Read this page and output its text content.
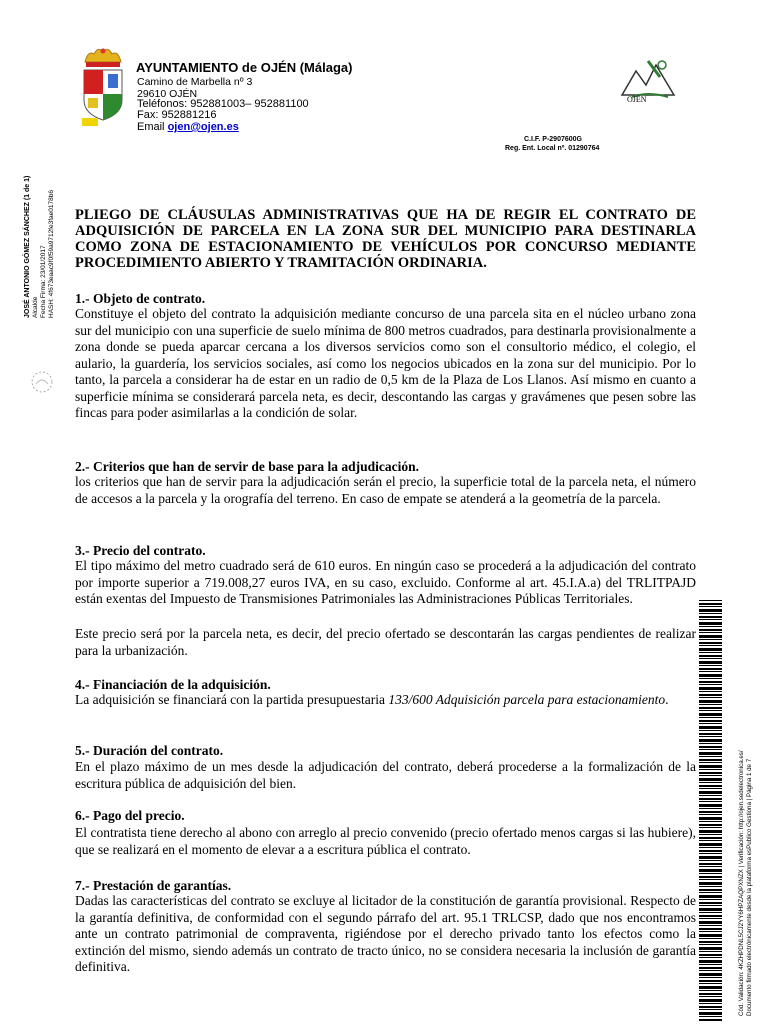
AYUNTAMIENTO de OJÉN (Málaga)
Camino de Marbella nº 3
29610 OJÉN
Teléfonos: 952881003– 952881100
Fax: 952881216
Email ojen@ojen.es
OJÉN
C.I.F. P-2907600G
Reg. Ent. Local nº. 01290764
JOSÉ ANTONIO GÓMEZ SÁNCHEZ (1 de 1) Alcalde Fecha Firma: 23/01/2017 HASH: 4f673eaac9f0f59a9712fe3fae0178b6 PLIEGO DE CLÁUSULAS ADMINISTRATIVAS QUE HA DE REGIR EL CONTRATO DE ADQUISICIÓN DE PARCELA EN LA ZONA SUR DEL MUNICIPIO PARA DESTINARLA COMO ZONA DE ESTACIONAMIENTO DE VEHÍCULOS POR CONCURSO MEDIANTE PROCEDIMIENTO ABIERTO Y TRAMITACIÓN ORDINARIA.
1.- Objeto de contrato.
Constituye el objeto del contrato la adquisición mediante concurso de una parcela sita en el núcleo urbano zona sur del municipio con una superficie de suelo mínima de 800 metros cuadrados, para destinarla provisionalmente a zona donde se pueda aparcar cercana a los diversos servicios como son el consultorio médico, el colegio, el aulario, la guardería, los servicios sociales, así como los negocios ubicados en la zona sur del municipio. Por lo tanto, la parcela a considerar ha de estar en un radio de 0,5 km de la Plaza de Los Llanos. Así mismo en cuanto a superficie mínima se considerará parcela neta, es decir, descontando las cargas y gravámenes que pesen sobre las fincas para poder asimilarlas a la condición de solar.
2.- Criterios que han de servir de base para la adjudicación.
los criterios que han de servir para la adjudicación serán el precio, la superficie total de la parcela neta, el número de accesos a la parcela y la orografía del terreno. En caso de empate se atenderá a la geometría de la parcela.
3.- Precio del contrato.
El tipo máximo del metro cuadrado será de 610 euros. En ningún caso se procederá a la adjudicación del contrato por importe superior a 719.008,27 euros IVA, en su caso, excluido. Conforme al art. 45.I.A.a) del TRLITPAJD están exentas del Impuesto de Transmisiones Patrimoniales las Administraciones Públicas Territoriales.
Este precio será por la parcela neta, es decir, del precio ofertado se descontarán las cargas pendientes de realizar para la urbanización.
4.- Financiación de la adquisición.
La adquisición se financiará con la partida presupuestaria 133/600 Adquisición parcela para estacionamiento.
5.- Duración del contrato.
En el plazo máximo de un mes desde la adjudicación del contrato, deberá procederse a la formalización de la escritura pública de adquisición del bien.
6.- Pago del precio.
El contratista tiene derecho al abono con arreglo al precio convenido (precio ofertado menos cargas si las hubiere), que se realizará en el momento de elevar a a escritura pública el contrato.
7.- Prestación de garantías.
Dadas las características del contrato se excluye al licitador de la constitución de garantía provisional. Respecto de la garantía definitiva, de conformidad con el segundo párrafo del art. 95.1 TRLCSP, dado que nos encontramos ante un contrato patrimonial de compraventa, rigiéndose por el derecho privado tanto los efectos como la extinción del mismo, siendo además un contrato de tracto único, no se considera necesaria la inclusión de garantía definitiva.	Cód. Validación: 4KZHPDNL5CJ2YY6HPZAQPXNZX | Verificación: http://ojen.sedelectronica.es/ Documento firmado electrónicamente desde la plataforma esPublico Gestiona | Página 1 de 7
